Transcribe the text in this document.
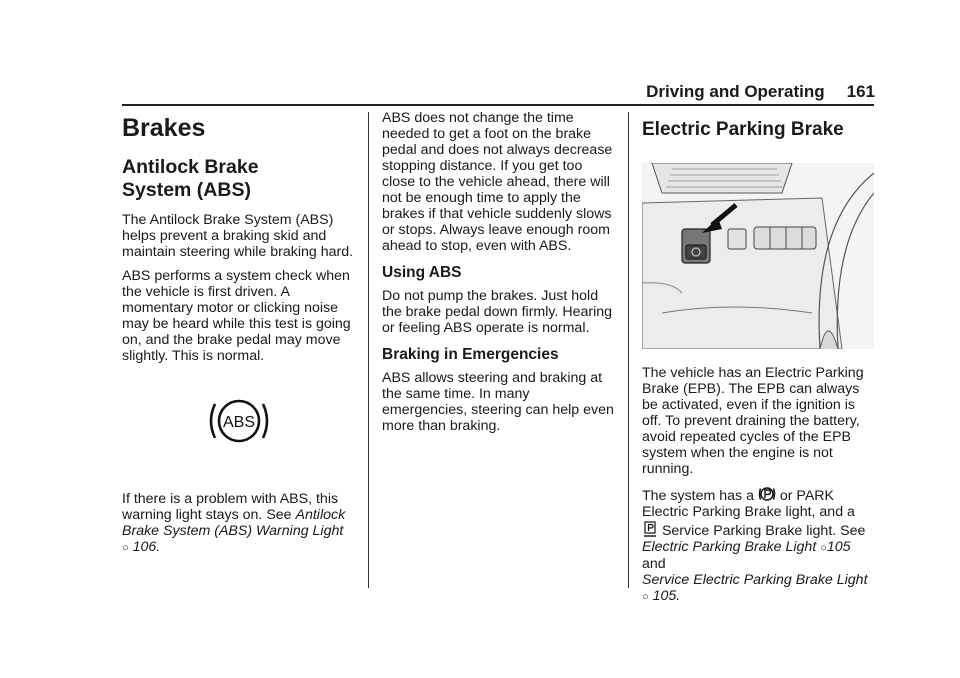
Driving and Operating 161
Brakes
Antilock Brake
System (ABS)

The Antilock Brake System (ABS) helps prevent a braking skid and maintain steering while braking hard.

ABS performs a system check when the vehicle is first driven. A momentary motor or clicking noise may be heard while this test is going on, and the brake pedal may move slightly. This is normal.

ABS

If there is a problem with ABS, this warning light stays on. See Antilock Brake System (ABS) Warning Light
○ 106.

ABS does not change the time needed to get a foot on the brake pedal and does not always decrease stopping distance. If you get too close to the vehicle ahead, there will not be enough time to apply the brakes if that vehicle suddenly slows or stops. Always leave enough room ahead to stop, even with ABS.

Using ABS

Do not pump the brakes. Just hold the brake pedal down firmly. Hearing or feeling ABS operate is normal.

Braking in Emergencies

ABS allows steering and braking at the same time. In many emergencies, steering can help even more than braking.

Electric Parking Brake

The vehicle has an Electric Parking Brake (EPB). The EPB can always be activated, even if the ignition is off. To prevent draining the battery, avoid repeated cycles of the EPB system when the engine is not running.

The system has a  or PARK Electric Parking Brake light, and a  Service Parking Brake light. See
Electric Parking Brake Light ○105
and
Service Electric Parking Brake Light
○ 105.
